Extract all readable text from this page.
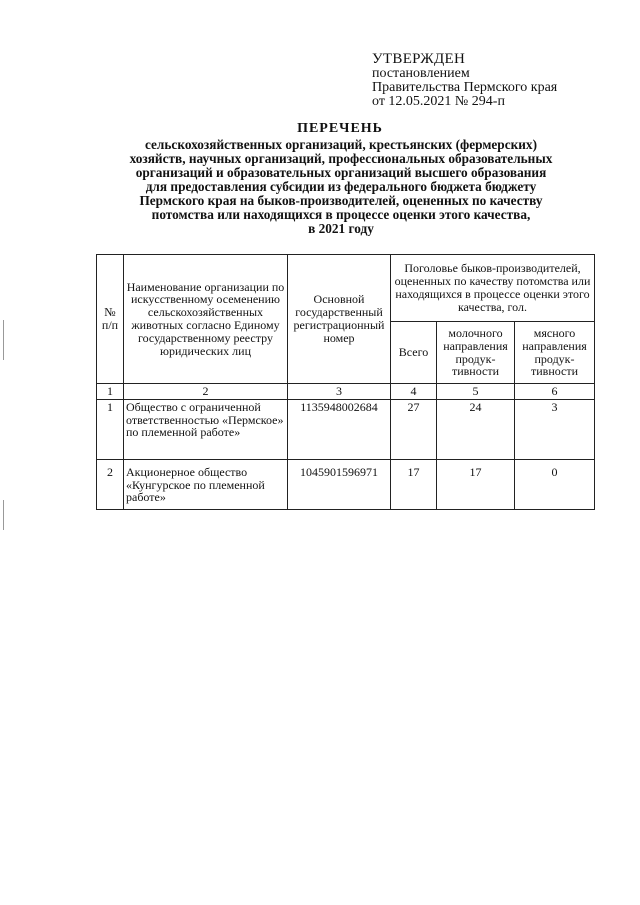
УТВЕРЖДЕН
постановлением
Правительства Пермского края
от 12.05.2021 № 294-п
ПЕРЕЧЕНЬ
сельскохозяйственных организаций, крестьянских (фермерских)
хозяйств, научных организаций, профессиональных образовательных
организаций и образовательных организаций высшего образования
для предоставления субсидии из федерального бюджета бюджету
Пермского края на быков-производителей, оцененных по качеству
потомства или находящихся в процессе оценки этого качества,
в 2021 году
№ п/п	Наименование организации по искусственному осеменению сельскохозяйственных животных согласно Единому государственному реестру юридических лиц	Основной государственный регистрационный номер	Поголовье быков-производителей, оцененных по качеству потомства или находящихся в процессе оценки этого качества, гол.		
			Всего	молочного направления продук-тивности	мясного направления продук-тивности
1	2	3	4	5	6
1	Общество с ограниченной ответственностью «Пермское» по племенной работе»	1135948002684	27	24	3
2	Акционерное общество «Кунгурское по племенной работе»	1045901596971	17	17	0
